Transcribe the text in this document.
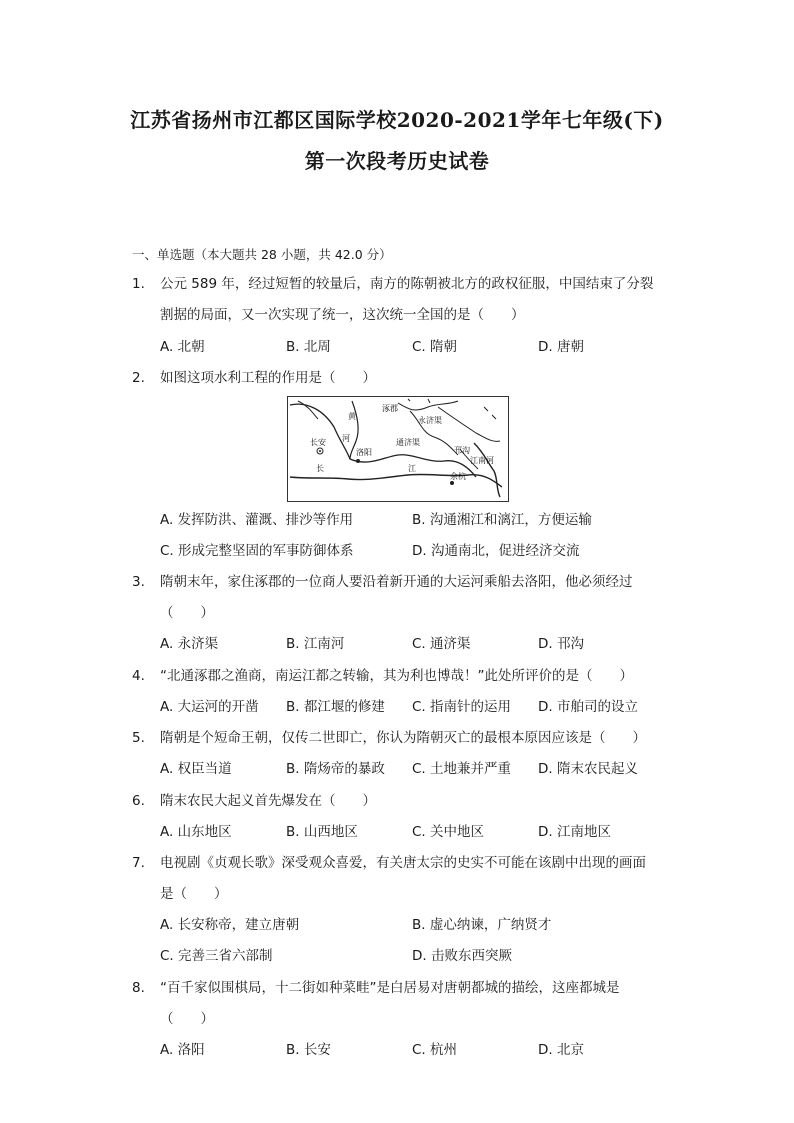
江苏省扬州市江都区国际学校2020-2021学年七年级(下)
第一次段考历史试卷
一、单选题（本大题共 28 小题，共 42.0 分）
1.	公元 589 年，经过短暂的较量后，南方的陈朝被北方的政权征服，中国结束了分裂
割据的局面，又一次实现了统一，这次统一全国的是（　　）
A. 北朝	B. 北周	C. 隋朝	D. 唐朝
2.	如图这项水利工程的作用是（　　）
涿郡
永济渠
黄
河
长安
洛阳
通济渠
邗沟
江南河
长	江
余杭
A. 发挥防洪、灌溉、排沙等作用	B. 沟通湘江和漓江，方便运输
C. 形成完整坚固的军事防御体系	D. 沟通南北，促进经济交流
3.	隋朝末年，家住涿郡的一位商人要沿着新开通的大运河乘船去洛阳，他必须经过
（　　）
A. 永济渠	B. 江南河	C. 通济渠	D. 邗沟
4.	“北通涿郡之渔商，南运江都之转输，其为利也博哉！”此处所评价的是（　　）
A. 大运河的开凿 B. 都江堰的修建 C. 指南针的运用 D. 市舶司的设立
5.	隋朝是个短命王朝，仅传二世即亡，你认为隋朝灭亡的最根本原因应该是（　　）
A. 权臣当道	B. 隋炀帝的暴政 C. 土地兼并严重 D. 隋末农民起义
6.	隋末农民大起义首先爆发在（　　）
A. 山东地区	B. 山西地区	C. 关中地区	D. 江南地区
7.	电视剧《贞观长歌》深受观众喜爱，有关唐太宗的史实不可能在该剧中出现的画面
是（　　）
A. 长安称帝，建立唐朝	B. 虚心纳谏，广纳贤才
C. 完善三省六部制	D. 击败东西突厥
8.	“百千家似围棋局，十二街如种菜畦”是白居易对唐朝都城的描绘，这座都城是
（　　）
A. 洛阳	B. 长安	C. 杭州	D. 北京
